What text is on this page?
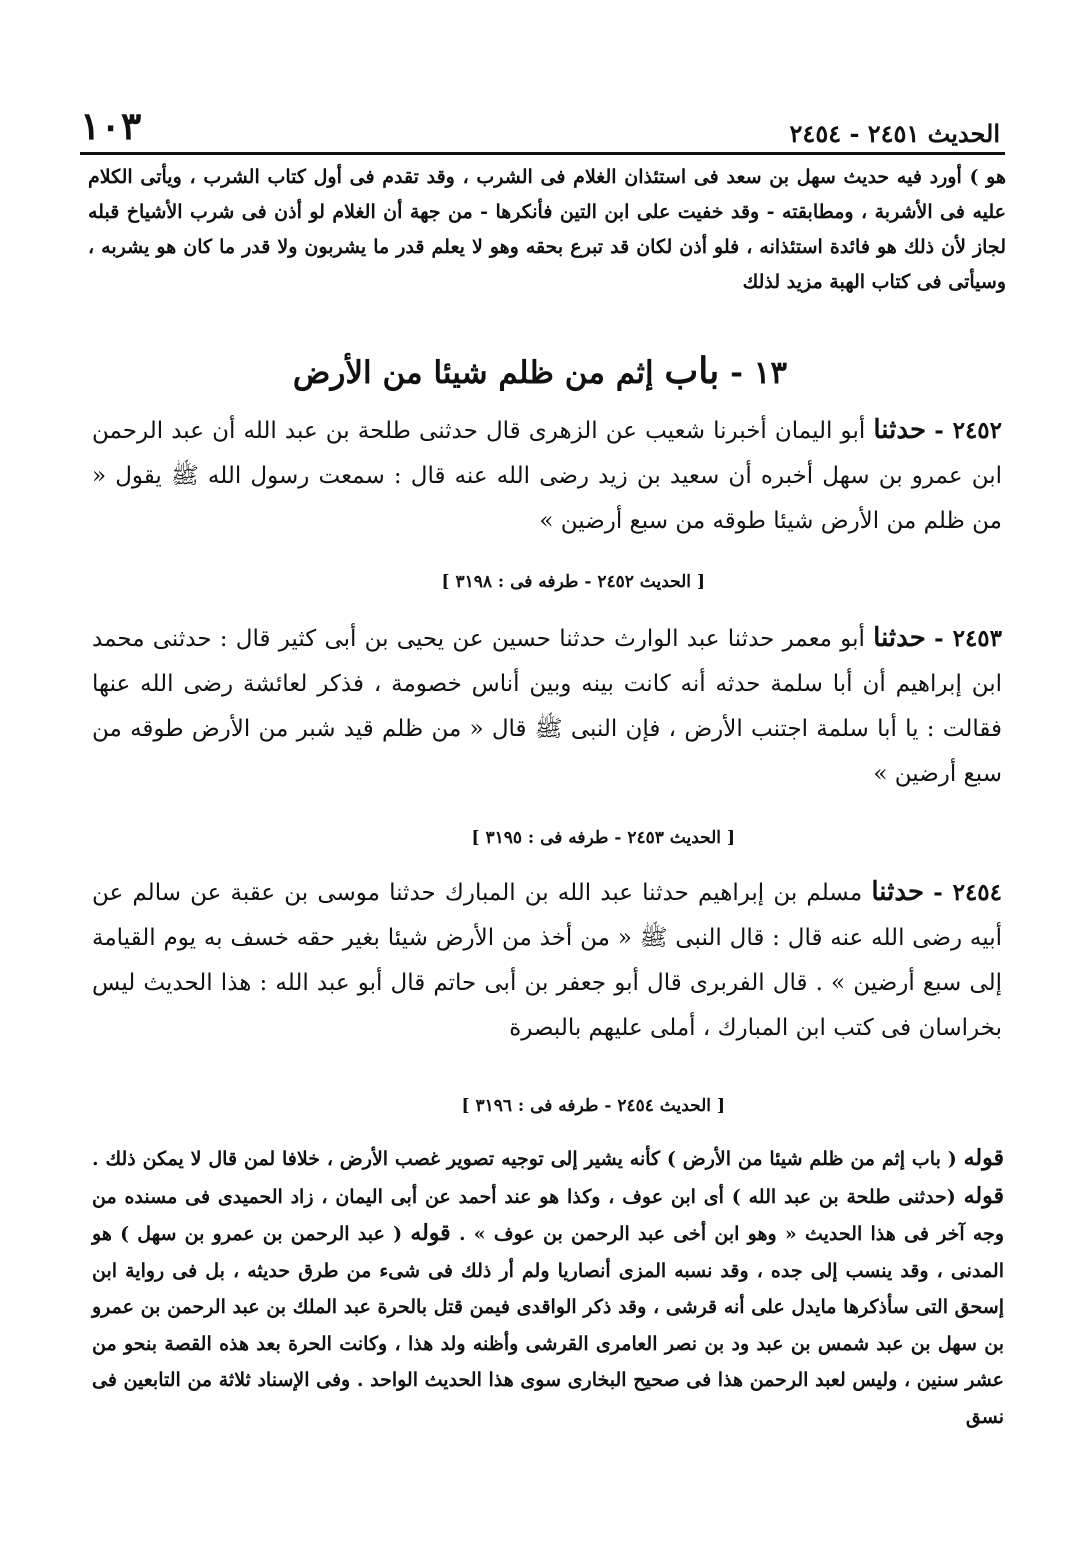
الحديث ٢٤٥١ - ٢٤٥٤
١٠٣

هو ) أورد فيه حديث سهل بن سعد فى استئذان الغلام فى الشرب ، وقد تقدم فى أول كتاب الشرب ، ويأتى الكلام عليه فى الأشربة ، ومطابقته - وقد خفيت على ابن التين فأنكرها - من جهة أن الغلام لو أذن فى شرب الأشياخ قبله لجاز لأن ذلك هو فائدة استئذانه ، فلو أذن لكان قد تبرع بحقه وهو لا يعلم قدر ما يشربون ولا قدر ما كان هو يشربه ، وسيأتى فى كتاب الهبة مزيد لذلك

١٣ - باب إثم من ظلم شيئا من الأرض

٢٤٥٢ - حدثنا أبو اليمان أخبرنا شعيب عن الزهرى قال حدثنى طلحة بن عبد الله أن عبد الرحمن ابن عمرو بن سهل أخبره أن سعيد بن زيد رضى الله عنه قال : سمعت رسول الله ﷺ يقول « من ظلم من الأرض شيئا طوقه من سبع أرضين »

[ الحديث ٢٤٥٢ - طرفه فى : ٣١٩٨ ]

٢٤٥٣ - حدثنا أبو معمر حدثنا عبد الوارث حدثنا حسين عن يحيى بن أبى كثير قال : حدثنى محمد ابن إبراهيم أن أبا سلمة حدثه أنه كانت بينه وبين أناس خصومة ، فذكر لعائشة رضى الله عنها فقالت : يا أبا سلمة اجتنب الأرض ، فإن النبى ﷺ قال « من ظلم قيد شبر من الأرض طوقه من سبع أرضين »

[ الحديث ٢٤٥٣ - طرفه فى : ٣١٩٥ ]

٢٤٥٤ - حدثنا مسلم بن إبراهيم حدثنا عبد الله بن المبارك حدثنا موسى بن عقبة عن سالم عن أبيه رضى الله عنه قال : قال النبى ﷺ « من أخذ من الأرض شيئا بغير حقه خسف به يوم القيامة إلى سبع أرضين » . قال الفربرى قال أبو جعفر بن أبى حاتم قال أبو عبد الله : هذا الحديث ليس بخراسان فى كتب ابن المبارك ، أملى عليهم بالبصرة

[ الحديث ٢٤٥٤ - طرفه فى : ٣١٩٦ ]

قوله ( باب إثم من ظلم شيئا من الأرض ) كأنه يشير إلى توجيه تصوير غصب الأرض ، خلافا لمن قال لا يمكن ذلك . قوله (حدثنى طلحة بن عبد الله ) أى ابن عوف ، وكذا هو عند أحمد عن أبى اليمان ، زاد الحميدى فى مسنده من وجه آخر فى هذا الحديث « وهو ابن أخى عبد الرحمن بن عوف » . قوله ( عبد الرحمن بن عمرو بن سهل ) هو المدنى ، وقد ينسب إلى جده ، وقد نسبه المزى أنصاريا ولم أر ذلك فى شىء من طرق حديثه ، بل فى رواية ابن إسحق التى سأذكرها مايدل على أنه قرشى ، وقد ذكر الواقدى فيمن قتل بالحرة عبد الملك بن عبد الرحمن بن عمرو بن سهل بن عبد شمس بن عبد ود بن نصر العامرى القرشى وأظنه ولد هذا ، وكانت الحرة بعد هذه القصة بنحو من عشر سنين ، وليس لعبد الرحمن هذا فى صحيح البخارى سوى هذا الحديث الواحد . وفى الإسناد ثلاثة من التابعين فى نسق
